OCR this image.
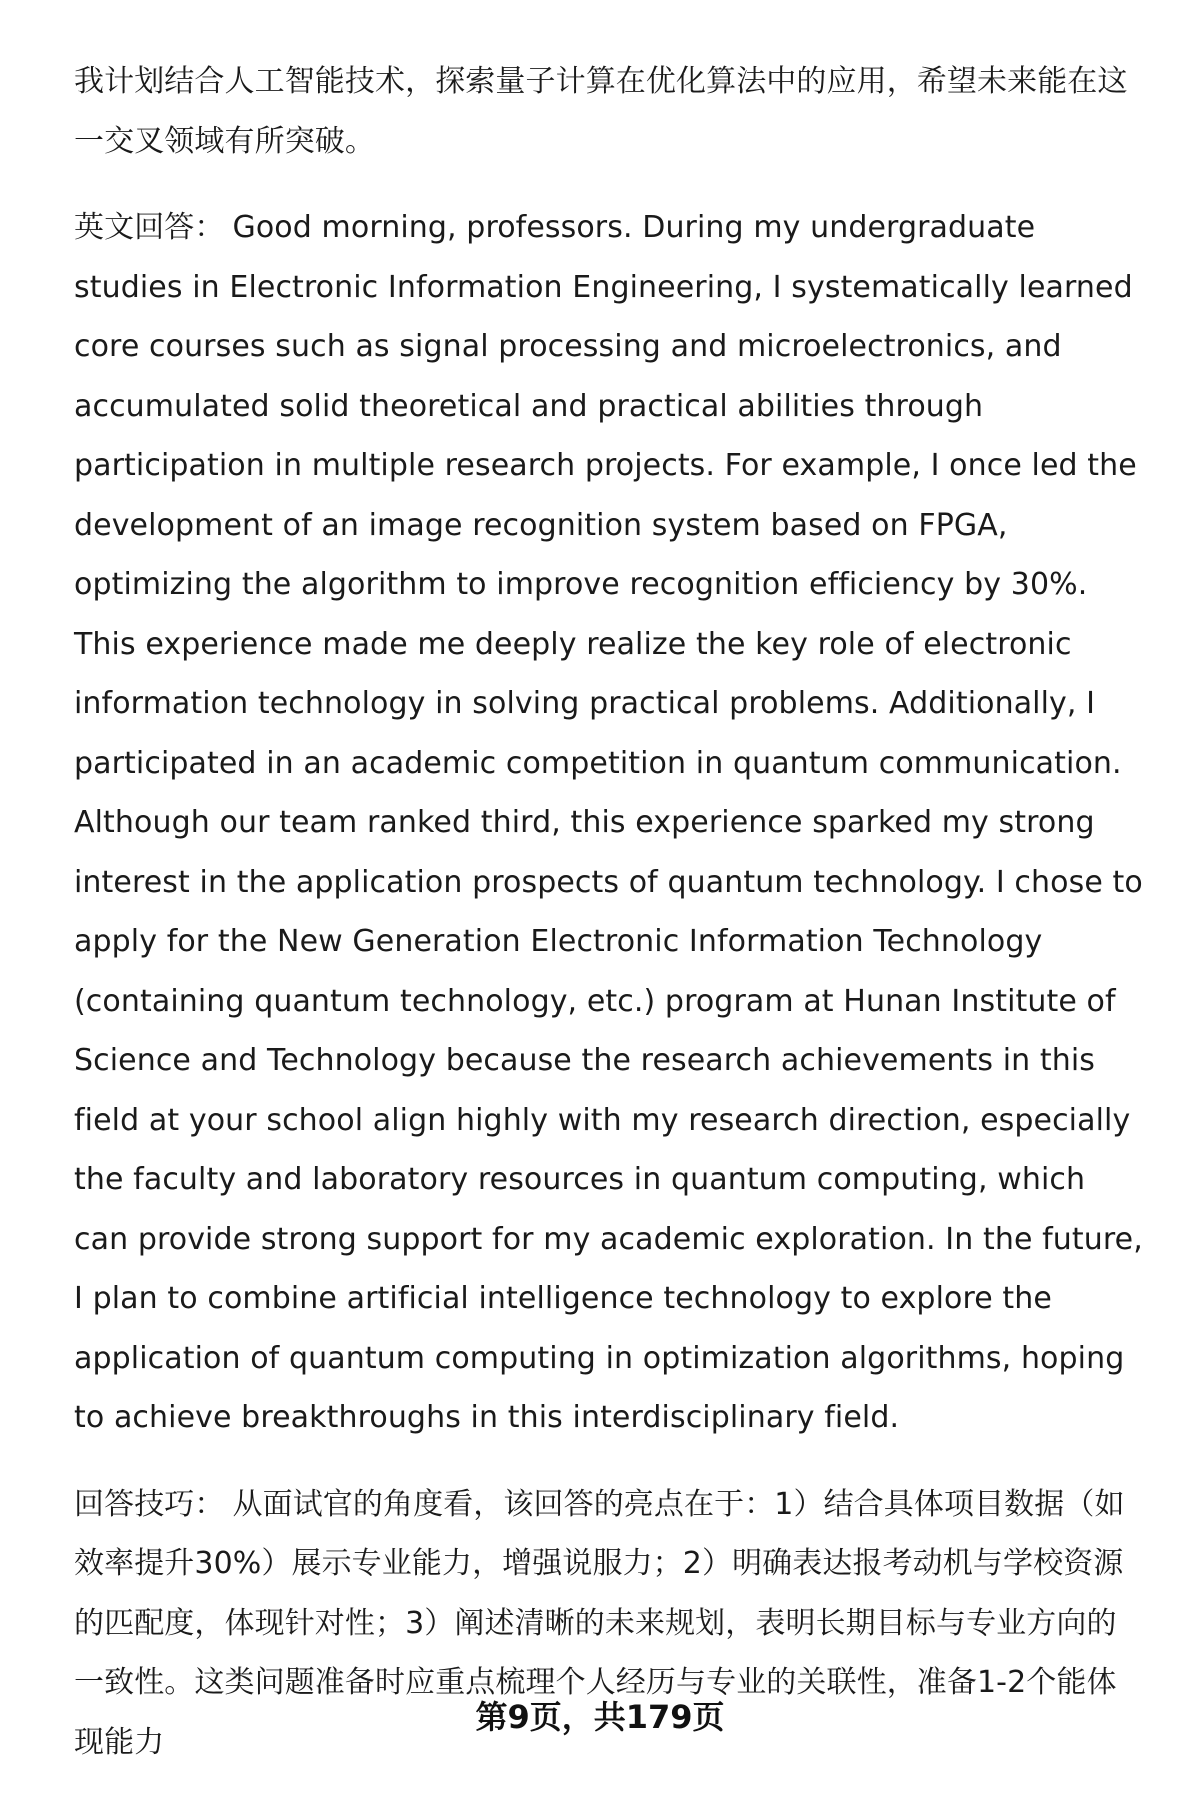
我计划结合人工智能技术，探索量子计算在优化算法中的应用，希望未来能在这一交叉领域有所突破。

英文回答： Good morning, professors. During my undergraduate studies in Electronic Information Engineering, I systematically learned core courses such as signal processing and microelectronics, and accumulated solid theoretical and practical abilities through participation in multiple research projects. For example, I once led the development of an image recognition system based on FPGA, optimizing the algorithm to improve recognition efficiency by 30%. This experience made me deeply realize the key role of electronic information technology in solving practical problems. Additionally, I participated in an academic competition in quantum communication. Although our team ranked third, this experience sparked my strong interest in the application prospects of quantum technology. I chose to apply for the New Generation Electronic Information Technology (containing quantum technology, etc.) program at Hunan Institute of Science and Technology because the research achievements in this field at your school align highly with my research direction, especially the faculty and laboratory resources in quantum computing, which can provide strong support for my academic exploration. In the future, I plan to combine artificial intelligence technology to explore the application of quantum computing in optimization algorithms, hoping to achieve breakthroughs in this interdisciplinary field.

回答技巧： 从面试官的角度看，该回答的亮点在于：1）结合具体项目数据（如效率提升30%）展示专业能力，增强说服力；2）明确表达报考动机与学校资源的匹配度，体现针对性；3）阐述清晰的未来规划，表明长期目标与专业方向的一致性。这类问题准备时应重点梳理个人经历与专业的关联性，准备1-2个能体现能力

第9页，共179页
